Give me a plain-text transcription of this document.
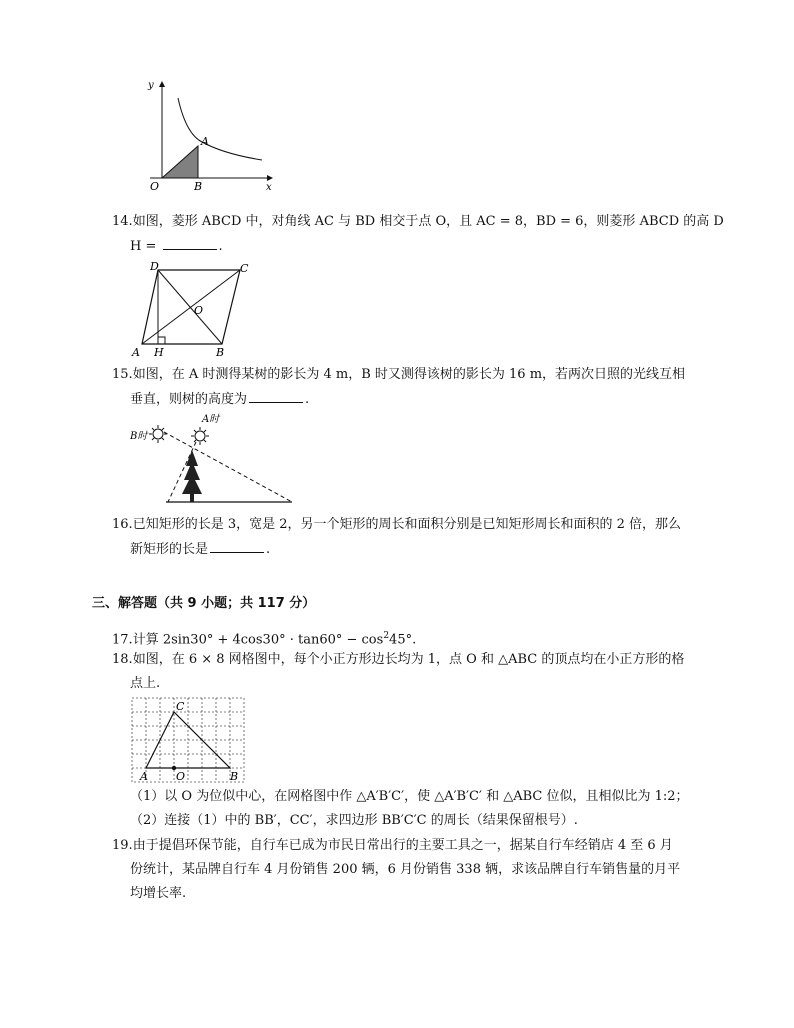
y
x
O
A
B
14.如图，菱形 ABCD 中，对角线 AC 与 BD 相交于点 O，且 AC = 8，BD = 6，则菱形 ABCD 的高 D
H =	.
D	C
O
A H	B
15.如图，在 A 时测得某树的影长为 4 m，B 时又测得该树的影长为 16 m，若两次日照的光线互相
垂直，则树的高度为	.
B时
A时
16.已知矩形的长是 3，宽是 2，另一个矩形的周长和面积分别是已知矩形周长和面积的 2 倍，那么
新矩形的长是	.
三、解答题（共 9 小题；共 117 分）
17.计算 $2\sin 30^\circ + 4\cos 30^\circ \cdot \tan 60^\circ - \cos^245^\circ$.
18.如图，在 6 × 8 网格图中，每个小正方形边长均为 1，点 O 和 △ABC 的顶点均在小正方形的格
点上.
C
A	O	B
（1）以 O 为位似中心，在网格图中作 △A′B′C′，使 △A′B′C′ 和 △ABC 位似，且相似比为 1:2；
（2）连接（1）中的 BB′，CC′，求四边形 BB′C′C 的周长（结果保留根号）.
19.由于提倡环保节能，自行车已成为市民日常出行的主要工具之一，据某自行车经销店 4 至 6 月
份统计，某品牌自行车 4 月份销售 200 辆，6 月份销售 338 辆，求该品牌自行车销售量的月平
均增长率.
